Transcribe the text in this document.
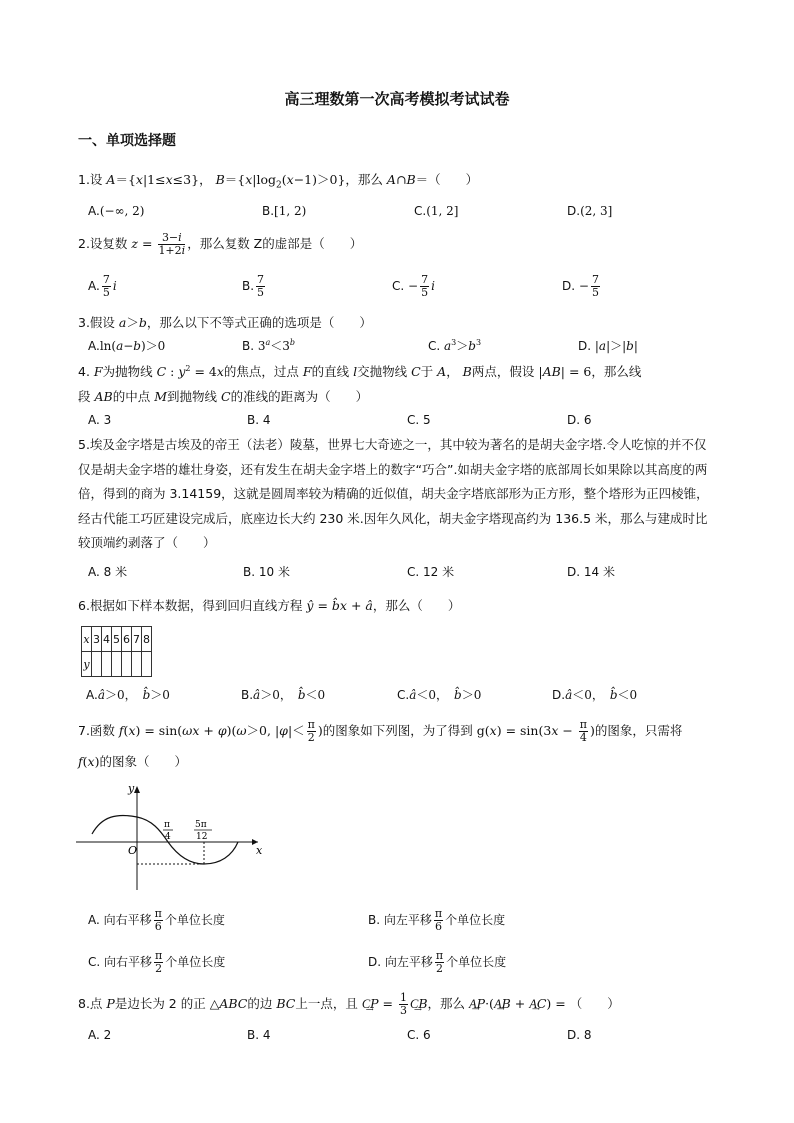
高三理数第一次高考模拟考试试卷
一、单项选择题
1.设 A＝{x|1≤x≤3}， $B=\{x|\log_2(x-1)>0\}$，那么 A∩B＝（　　）
A.(−∞, 2)	B.[1, 2)	C.(1, 2]	D.(2, 3]
2.设复数 $z = \frac{3-i}{1+2i}$ ，那么复数 Z的虚部是（　　）
A. $\frac{7}{5}$ i	B. $\frac{7}{5}$	C. − $\frac{7}{5}$ i	D. − $\frac{7}{5}$
3.假设 a＞b，那么以下不等式正确的选项是（　　）
A.ln(a−b)＞0	B. $3^a<3^b$	C. $a^3>b^3$	D. |a|＞|b|
4. F为抛物线 C : $y^2 = 4x$的焦点，过点 F的直线 l交抛物线 C于 A， B两点，假设 |AB| = 6，那么线
段 AB的中点 M到抛物线 C的准线的距离为（　　）
A. 3	B. 4	C. 5	D. 6
5.埃及金字塔是古埃及的帝王（法老）陵墓，世界七大奇迹之一，其中较为著名的是胡夫金字塔.令人吃惊的并不仅仅是胡夫金字塔的雄壮身姿，还有发生在胡夫金字塔上的数字“巧合”.如胡夫金字塔的底部周长如果除以其高度的两倍，得到的商为 3.14159，这就是圆周率较为精确的近似值，胡夫金字塔底部形为正方形，整个塔形为正四棱锥，经古代能工巧匠建设完成后，底座边长大约 230 米.因年久风化，胡夫金字塔现高约为 136.5 米，那么与建成时比较顶端约剥落了（　　）
A. 8 米	B. 10 米	C. 12 米	D. 14 米
6.根据如下样本数据，得到回归直线方程 ŷ = b̂x + â，那么（　　）
x	3	4	5	6	7	8
y						
A.â＞0，　b̂＞0	B.â＞0，　b̂＜0	C.â＜0，　b̂＞0	D.â＜0，　b̂＜0
7.函数 f(x) = sin(ωx + φ)(ω＞0, $|\varphi|< \frac{\pi}{2}$ )的图象如下列图，为了得到 $g(x) = \sin(3x - \frac{\pi}{4}$ )的图象，只需将
f(x)的图象（　　）
y
x
O
π
4
5π
12
A. 向右平移 $\frac{\pi}{6}$ 个单位长度	B. 向左平移 $\frac{\pi}{6}$ 个单位长度
C. 向右平移 $\frac{\pi}{2}$ 个单位长度	D. 向左平移 $\frac{\pi}{2}$ 个单位长度
8.点 P是边长为 2 的正 △ABC的边 BC上一点，且 C͢P = $\frac{1}{3}$ C͢B，那么 A͢P·(A͢B + A͢C) = （　　）
A. 2	B. 4	C. 6	D. 8
